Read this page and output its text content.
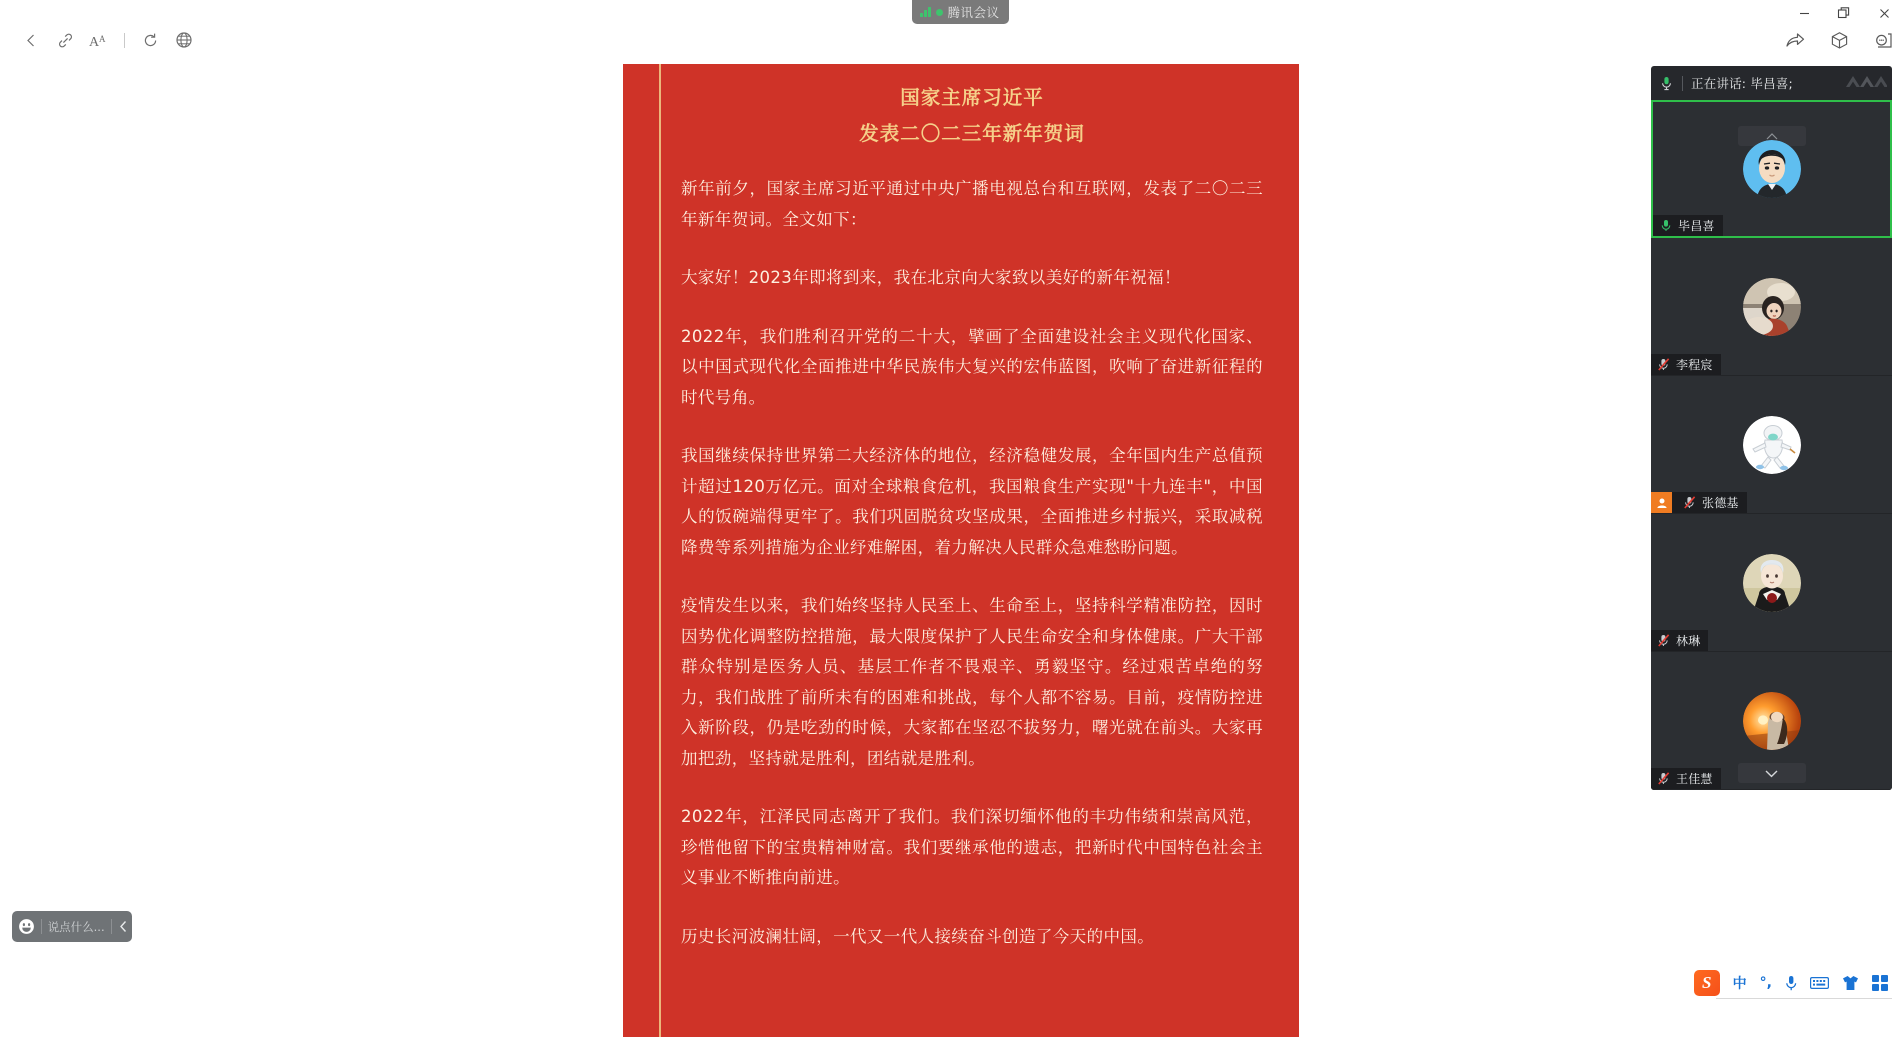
腾讯会议
A A
国家主席习近平
发表二〇二三年新年贺词

新年前夕，国家主席习近平通过中央广播电视总台和互联网，发表了二〇二三年新年贺词。全文如下：

大家好！2023年即将到来，我在北京向大家致以美好的新年祝福！

2022年，我们胜利召开党的二十大，擘画了全面建设社会主义现代化国家、以中国式现代化全面推进中华民族伟大复兴的宏伟蓝图，吹响了奋进新征程的时代号角。

我国继续保持世界第二大经济体的地位，经济稳健发展，全年国内生产总值预计超过120万亿元。面对全球粮食危机，我国粮食生产实现"十九连丰"，中国人的饭碗端得更牢了。我们巩固脱贫攻坚成果，全面推进乡村振兴，采取减税降费等系列措施为企业纾难解困，着力解决人民群众急难愁盼问题。

疫情发生以来，我们始终坚持人民至上、生命至上，坚持科学精准防控，因时因势优化调整防控措施，最大限度保护了人民生命安全和身体健康。广大干部群众特别是医务人员、基层工作者不畏艰辛、勇毅坚守。经过艰苦卓绝的努力，我们战胜了前所未有的困难和挑战，每个人都不容易。目前，疫情防控进入新阶段，仍是吃劲的时候，大家都在坚忍不拔努力，曙光就在前头。大家再加把劲，坚持就是胜利，团结就是胜利。

2022年，江泽民同志离开了我们。我们深切缅怀他的丰功伟绩和崇高风范，珍惜他留下的宝贵精神财富。我们要继承他的遗志，把新时代中国特色社会主义事业不断推向前进。

历史长河波澜壮阔，一代又一代人接续奋斗创造了今天的中国。

正在讲话: 毕昌喜;
毕昌喜
李程宸
张德基
林琳
王佳慧
说点什么...
S	中 °,
